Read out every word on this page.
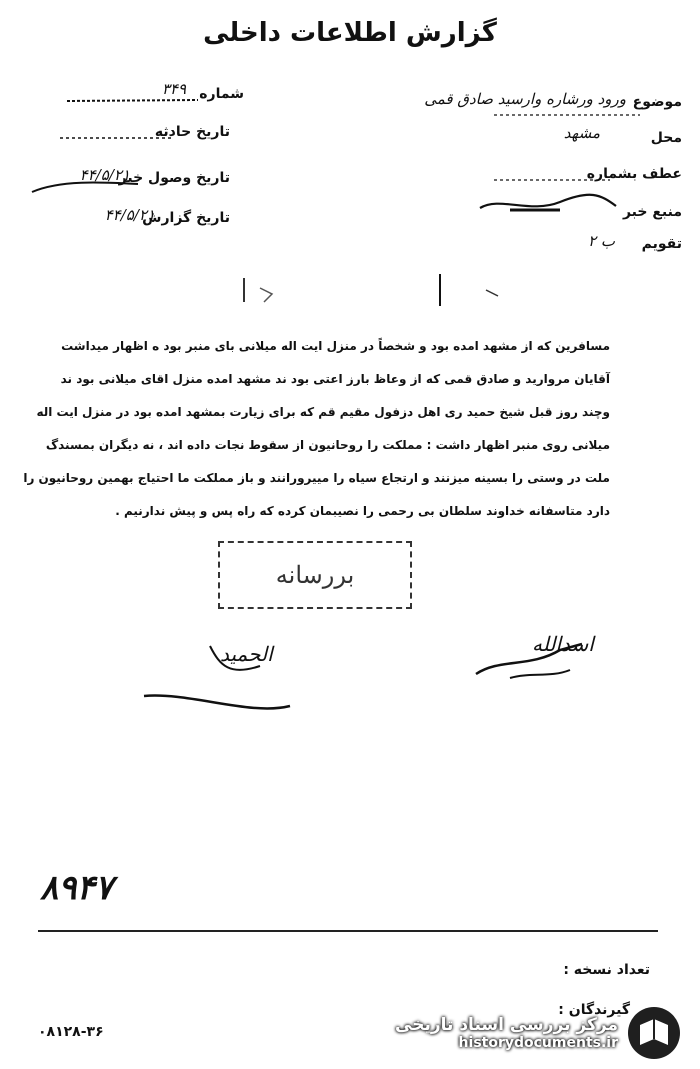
گزارش اطلاعات داخلی
شماره
۳۴۹
تاریخ حادثه
تاریخ وصول خبر
۴۴/۵/۲۱
تاریخ گزارش
۴۴/۵/۲۱
موضوع
ورود ورشاره وارسید صادق قمی
محل
مشهد
عطف بشماره
منبع خبر
تقویم
ب ۲
مسافرین که از مشهد امده بود و شخصاً در منزل ایت اله میلانی بای منبر بود ه اظهار میداشت
آقایان مروارید و صادق قمی که از وعاظ بارز اعتی بود ند مشهد امده منزل اقای میلانی بود ند
وچند روز قبل شیخ حمید ری اهل دزفول مقیم قم که برای زیارت بمشهد امده بود در منزل ایت اله
میلانی روی منبر اظهار داشت : مملکت را روحانیون از سقوط نجات داده اند ، نه دیگران بمسندگ
ملت در وستی را بسینه میزنند و ارتجاع سیاه را مییرورانند و باز مملکت ما احتیاج بهمین روحانیون را
دارد متاسفانه خداوند سلطان بی رحمی را نصیبمان کرده که راه پس و پیش ندارنیم .
بررسانه
اسدالله
الحمید
۸۹۴۷
تعداد نسخه :
گیرندگان :
۰۸۱۲۸-۳۶	مرکز بررسی اسناد تاریخی
historydocuments.ir
